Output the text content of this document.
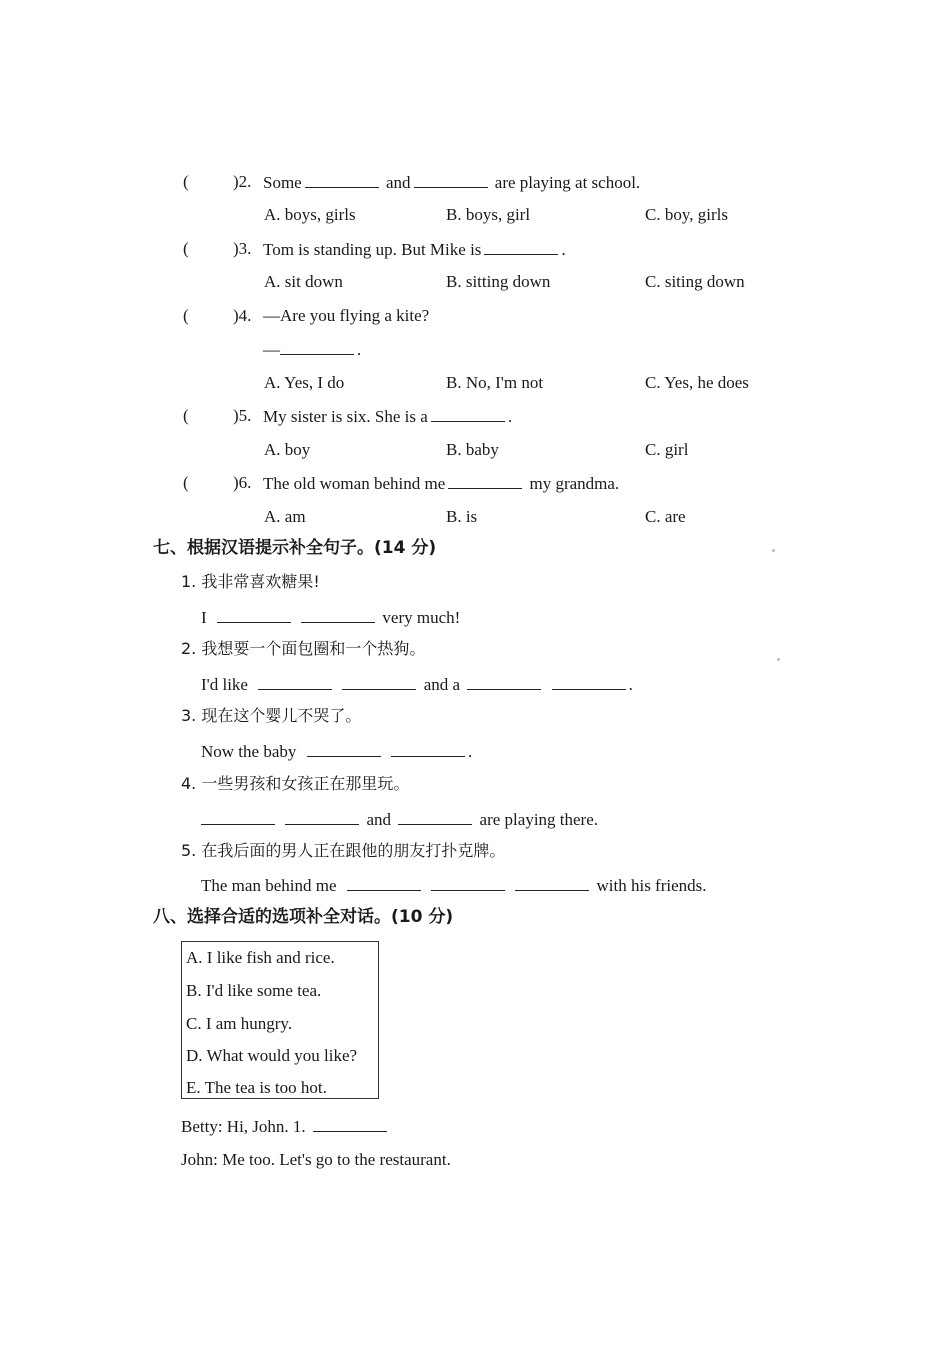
(	)2. Some	and	are playing at school.
A. boys, girls	B. boys, girl	C. boy, girls
(	)3. Tom is standing up. But Mike is	.
A. sit down	B. sitting down	C. siting down
(	)4. —Are you flying a kite?
—	.
A. Yes, I do	B. No, I'm not	C. Yes, he does
(	)5. My sister is six. She is a	.
A. boy	B. baby	C. girl
(	)6. The old woman behind me	my grandma.
A. am	B. is	C. are
七、根据汉语提示补全句子。(14 分)
1. 我非常喜欢糖果!
I	very much!
2. 我想要一个面包圈和一个热狗。
I'd like	and a	.
3. 现在这个婴儿不哭了。
Now the baby	.
4. 一些男孩和女孩正在那里玩。
and	are playing there.
5. 在我后面的男人正在跟他的朋友打扑克牌。
The man behind me	with his friends.
八、选择合适的选项补全对话。(10 分)
A. I like fish and rice.
B. I'd like some tea.
C. I am hungry.
D. What would you like?
E. The tea is too hot.
Betty: Hi, John. 1.
John: Me too. Let's go to the restaurant.
